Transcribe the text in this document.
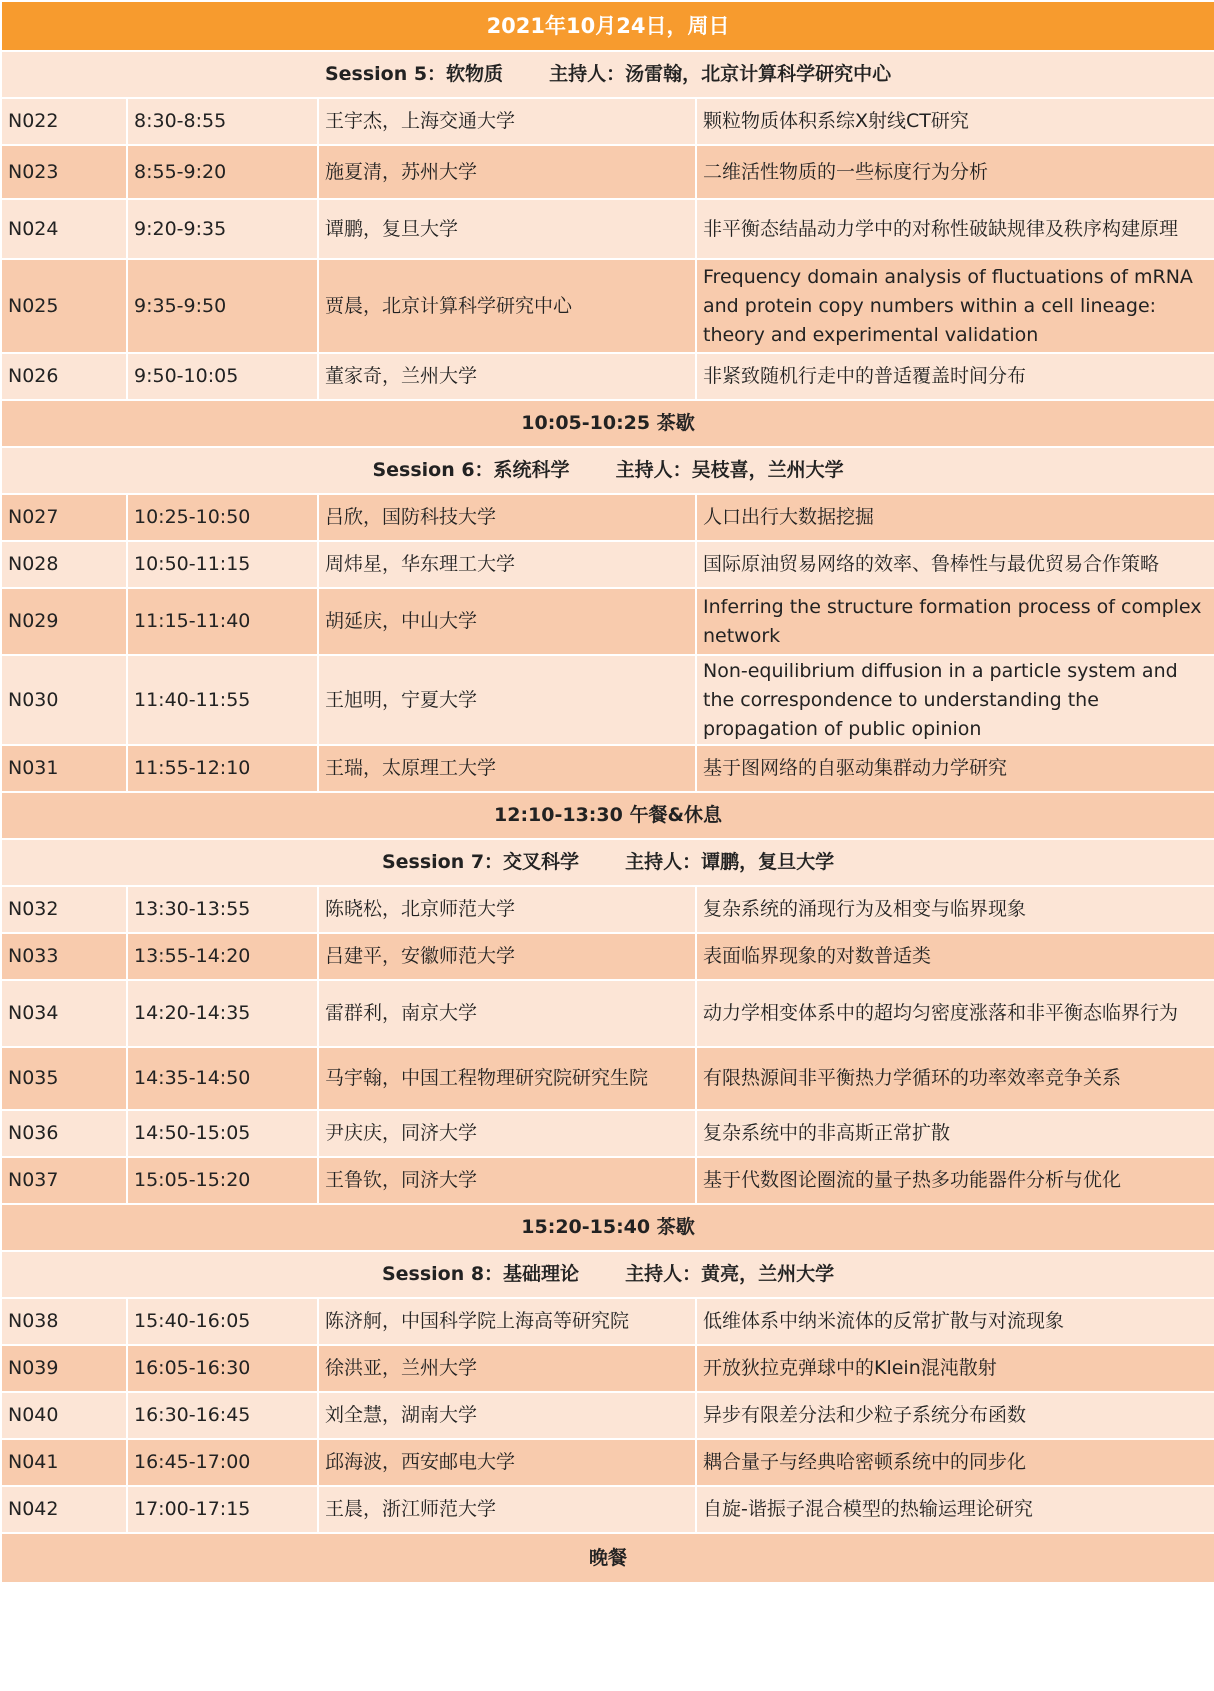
2021年10月24日，周日			
Session 5：软物质 主持人：汤雷翰，北京计算科学研究中心			
N022	8:30-8:55	王宇杰，上海交通大学	颗粒物质体积系综X射线CT研究
N023	8:55-9:20	施夏清，苏州大学	二维活性物质的一些标度行为分析
N024	9:20-9:35	谭鹏，复旦大学	非平衡态结晶动力学中的对称性破缺规律及秩序构建原理
N025	9:35-9:50	贾晨，北京计算科学研究中心	Frequency domain analysis of fluctuations of mRNA and protein copy numbers within a cell lineage: theory and experimental validation
N026	9:50-10:05	董家奇，兰州大学	非紧致随机行走中的普适覆盖时间分布
10:05-10:25 茶歇			
Session 6：系统科学 主持人：吴枝喜，兰州大学			
N027	10:25-10:50	吕欣，国防科技大学	人口出行大数据挖掘
N028	10:50-11:15	周炜星，华东理工大学	国际原油贸易网络的效率、鲁棒性与最优贸易合作策略
N029	11:15-11:40	胡延庆，中山大学	Inferring the structure formation process of complex network
N030	11:40-11:55	王旭明，宁夏大学	Non-equilibrium diffusion in a particle system and the correspondence to understanding the propagation of public opinion
N031	11:55-12:10	王瑞，太原理工大学	基于图网络的自驱动集群动力学研究
12:10-13:30 午餐&休息			
Session 7：交叉科学 主持人：谭鹏，复旦大学			
N032	13:30-13:55	陈晓松，北京师范大学	复杂系统的涌现行为及相变与临界现象
N033	13:55-14:20	吕建平，安徽师范大学	表面临界现象的对数普适类
N034	14:20-14:35	雷群利，南京大学	动力学相变体系中的超均匀密度涨落和非平衡态临界行为
N035	14:35-14:50	马宇翰，中国工程物理研究院研究生院	有限热源间非平衡热力学循环的功率效率竞争关系
N036	14:50-15:05	尹庆庆，同济大学	复杂系统中的非高斯正常扩散
N037	15:05-15:20	王鲁钦，同济大学	基于代数图论圈流的量子热多功能器件分析与优化
15:20-15:40 茶歇			
Session 8：基础理论 主持人：黄亮，兰州大学			
N038	15:40-16:05	陈济舸，中国科学院上海高等研究院	低维体系中纳米流体的反常扩散与对流现象
N039	16:05-16:30	徐洪亚，兰州大学	开放狄拉克弹球中的Klein混沌散射
N040	16:30-16:45	刘全慧，湖南大学	异步有限差分法和少粒子系统分布函数
N041	16:45-17:00	邱海波，西安邮电大学	耦合量子与经典哈密顿系统中的同步化
N042	17:00-17:15	王晨，浙江师范大学	自旋-谐振子混合模型的热输运理论研究
晚餐			
